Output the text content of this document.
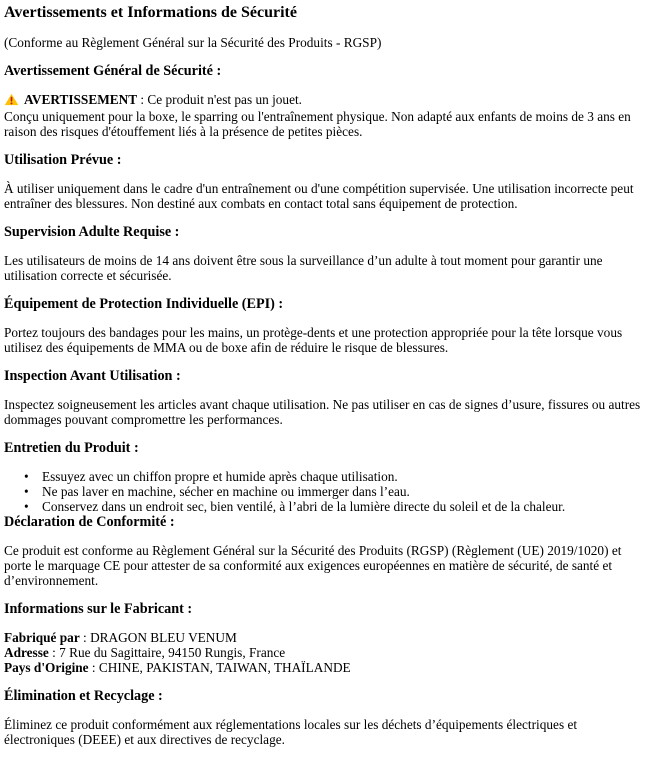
Avertissements et Informations de Sécurité

(Conforme au Règlement Général sur la Sécurité des Produits - RGSP)

Avertissement Général de Sécurité :

AVERTISSEMENT : Ce produit n'est pas un jouet.
Conçu uniquement pour la boxe, le sparring ou l'entraînement physique. Non adapté aux enfants de moins de 3 ans en raison des risques d'étouffement liés à la présence de petites pièces.

Utilisation Prévue :

À utiliser uniquement dans le cadre d'un entraînement ou d'une compétition supervisée. Une utilisation incorrecte peut entraîner des blessures. Non destiné aux combats en contact total sans équipement de protection.

Supervision Adulte Requise :

Les utilisateurs de moins de 14 ans doivent être sous la surveillance d’un adulte à tout moment pour garantir une utilisation correcte et sécurisée.

Équipement de Protection Individuelle (EPI) :

Portez toujours des bandages pour les mains, un protège-dents et une protection appropriée pour la tête lorsque vous utilisez des équipements de MMA ou de boxe afin de réduire le risque de blessures.

Inspection Avant Utilisation :

Inspectez soigneusement les articles avant chaque utilisation. Ne pas utiliser en cas de signes d’usure, fissures ou autres dommages pouvant compromettre les performances.

Entretien du Produit :

• Essuyez avec un chiffon propre et humide après chaque utilisation.
• Ne pas laver en machine, sécher en machine ou immerger dans l’eau.
• Conservez dans un endroit sec, bien ventilé, à l’abri de la lumière directe du soleil et de la chaleur.

Déclaration de Conformité :

Ce produit est conforme au Règlement Général sur la Sécurité des Produits (RGSP) (Règlement (UE) 2019/1020) et porte le marquage CE pour attester de sa conformité aux exigences européennes en matière de sécurité, de santé et d’environnement.

Informations sur le Fabricant :

Fabriqué par : DRAGON BLEU VENUM
Adresse : 7 Rue du Sagittaire, 94150 Rungis, France
Pays d'Origine : CHINE, PAKISTAN, TAIWAN, THAÏLANDE

Élimination et Recyclage :

Éliminez ce produit conformément aux réglementations locales sur les déchets d’équipements électriques et électroniques (DEEE) et aux directives de recyclage.
